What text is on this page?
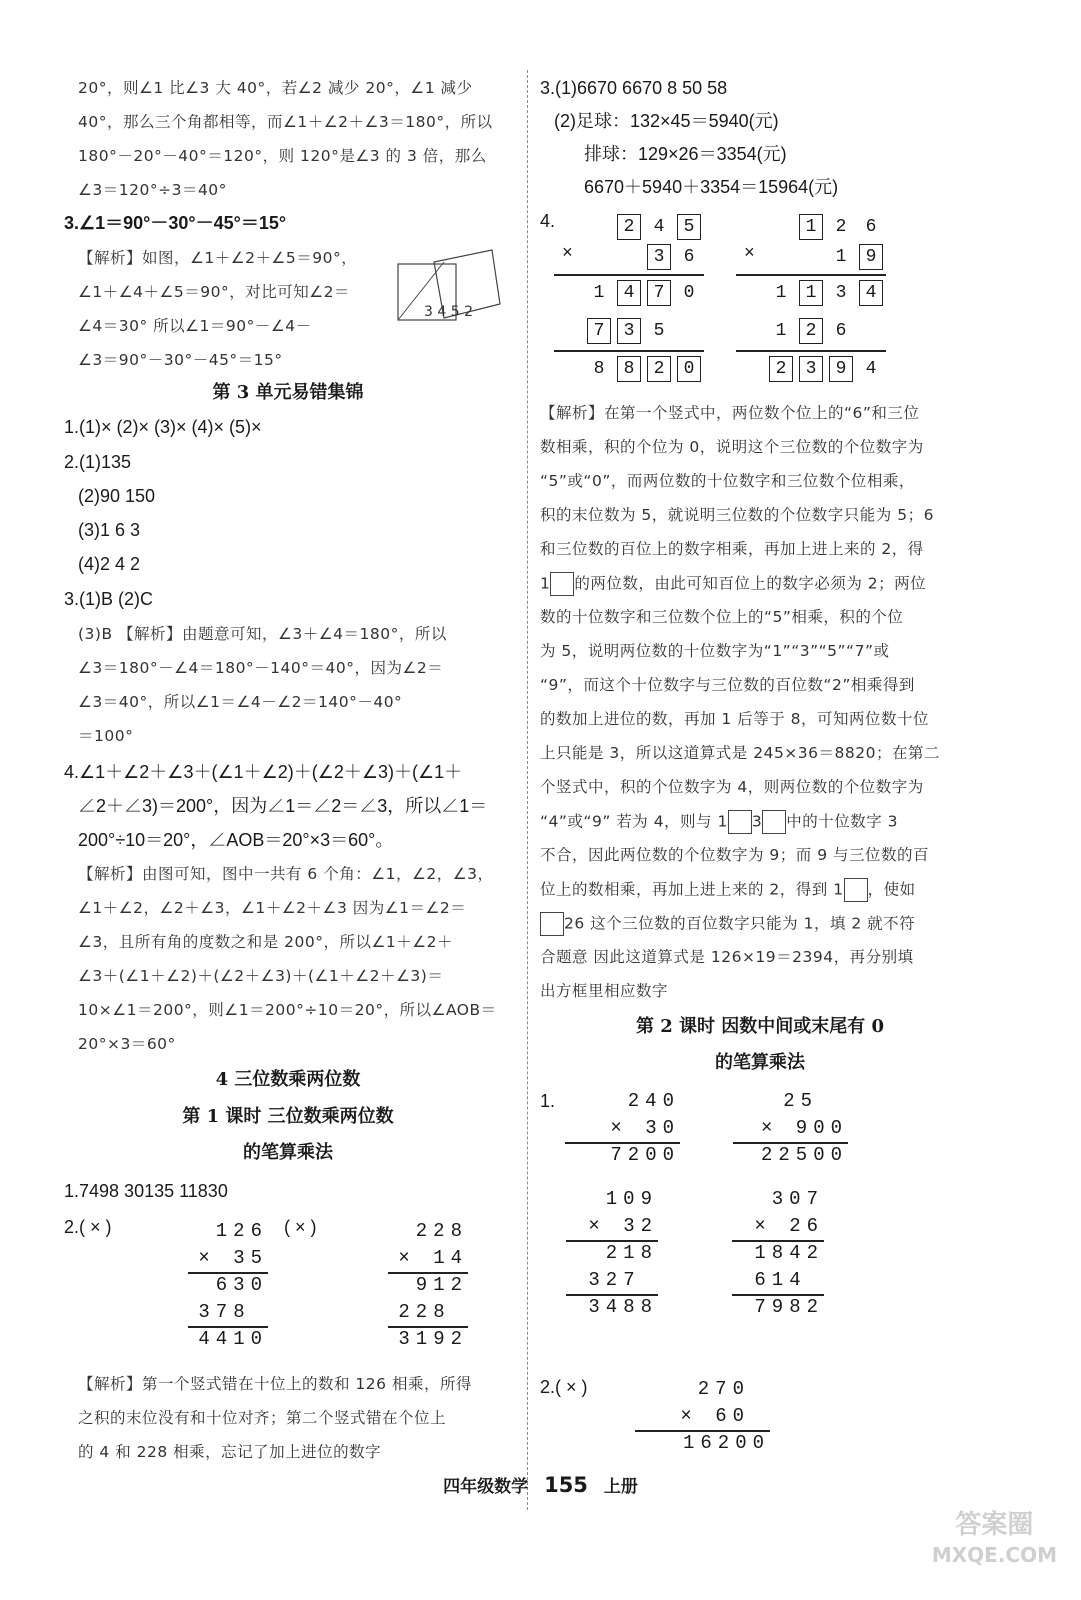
20°，则∠1 比∠3 大 40°，若∠2 减少 20°，∠1 减少
40°，那么三个角都相等，而∠1＋∠2＋∠3＝180°，所以
180°－20°－40°＝120°，则 120°是∠3 的 3 倍，那么
∠3＝120°÷3＝40°
3.∠1＝90°－30°－45°＝15°
【解析】如图，∠1＋∠2＋∠5＝90°，
∠1＋∠4＋∠5＝90°，对比可知∠2＝
∠4＝30° 所以∠1＝90°－∠4－
∠3＝90°－30°－45°＝15°
3 4 5 2
第 3 单元易错集锦
1.(1)× (2)× (3)× (4)× (5)×
2.(1)135
(2)90 150
(3)1 6 3
(4)2 4 2
3.(1)B (2)C
(3)B 【解析】由题意可知，∠3＋∠4＝180°，所以
∠3＝180°－∠4＝180°－140°＝40°，因为∠2＝
∠3＝40°，所以∠1＝∠4－∠2＝140°－40°
＝100°
4.∠1＋∠2＋∠3＋(∠1＋∠2)＋(∠2＋∠3)＋(∠1＋
∠2＋∠3)＝200°，因为∠1＝∠2＝∠3，所以∠1＝
200°÷10＝20°，∠AOB＝20°×3＝60°。
【解析】由图可知，图中一共有 6 个角：∠1，∠2，∠3，
∠1＋∠2，∠2＋∠3，∠1＋∠2＋∠3 因为∠1＝∠2＝
∠3，且所有角的度数之和是 200°，所以∠1＋∠2＋
∠3＋(∠1＋∠2)＋(∠2＋∠3)＋(∠1＋∠2＋∠3)＝
10×∠1＝200°，则∠1＝200°÷10＝20°，所以∠AOB＝
20°×3＝60°
4 三位数乘两位数
第 1 课时 三位数乘两位数
的笔算乘法
1.7498 30135 11830
2.( × )	( × )
126
× 35
630
378
4410
228
× 14
912
228
3192
【解析】第一个竖式错在十位上的数和 126 相乘，所得
之积的末位没有和十位对齐；第二个竖式错在个位上
的 4 和 228 相乘，忘记了加上进位的数字
3.(1)6670 6670 8 50 58
(2)足球：132×45＝5940(元)
排球：129×26＝3354(元)
6670＋5940＋3354＝15964(元)
4.	2 4 5
×	3 6
1 4 7 0
7 3 5
8 8 2 0
1 2 6
×	1 9
1 1 3 4
1 2 6
2 3 9 4
【解析】在第一个竖式中，两位数个位上的“6”和三位
数相乘，积的个位为 0，说明这个三位数的个位数字为
“5”或“0”，而两位数的十位数字和三位数个位相乘，
积的末位数为 5，就说明三位数的个位数字只能为 5；6
和三位数的百位上的数字相乘，再加上进上来的 2，得
1 的两位数，由此可知百位上的数字必须为 2；两位
数的十位数字和三位数个位上的“5”相乘，积的个位
为 5，说明两位数的十位数字为“1”“3”“5”“7”或
“9”，而这个十位数字与三位数的百位数“2”相乘得到
的数加上进位的数，再加 1 后等于 8，可知两位数十位
上只能是 3，所以这道算式是 245×36＝8820；在第二
个竖式中，积的个位数字为 4，则两位数的个位数字为
“4”或“9” 若为 4，则与 1 3 中的十位数字 3
不合，因此两位数的个位数字为 9；而 9 与三位数的百
位上的数相乘，再加上进上来的 2，得到 1 ，使如
26 这个三位数的百位数字只能为 1，填 2 就不符
合题意 因此这道算式是 126×19＝2394，再分别填
出方框里相应数字
第 2 课时 因数中间或末尾有 0
的笔算乘法
1.	240
× 30
7200
25
× 900
22500
109
× 32
218
327
3488
307
× 26
1842
614
7982
2.( × )	270
× 60
16200
四年级数学 155 上册
答案圈
MXQE.COM
